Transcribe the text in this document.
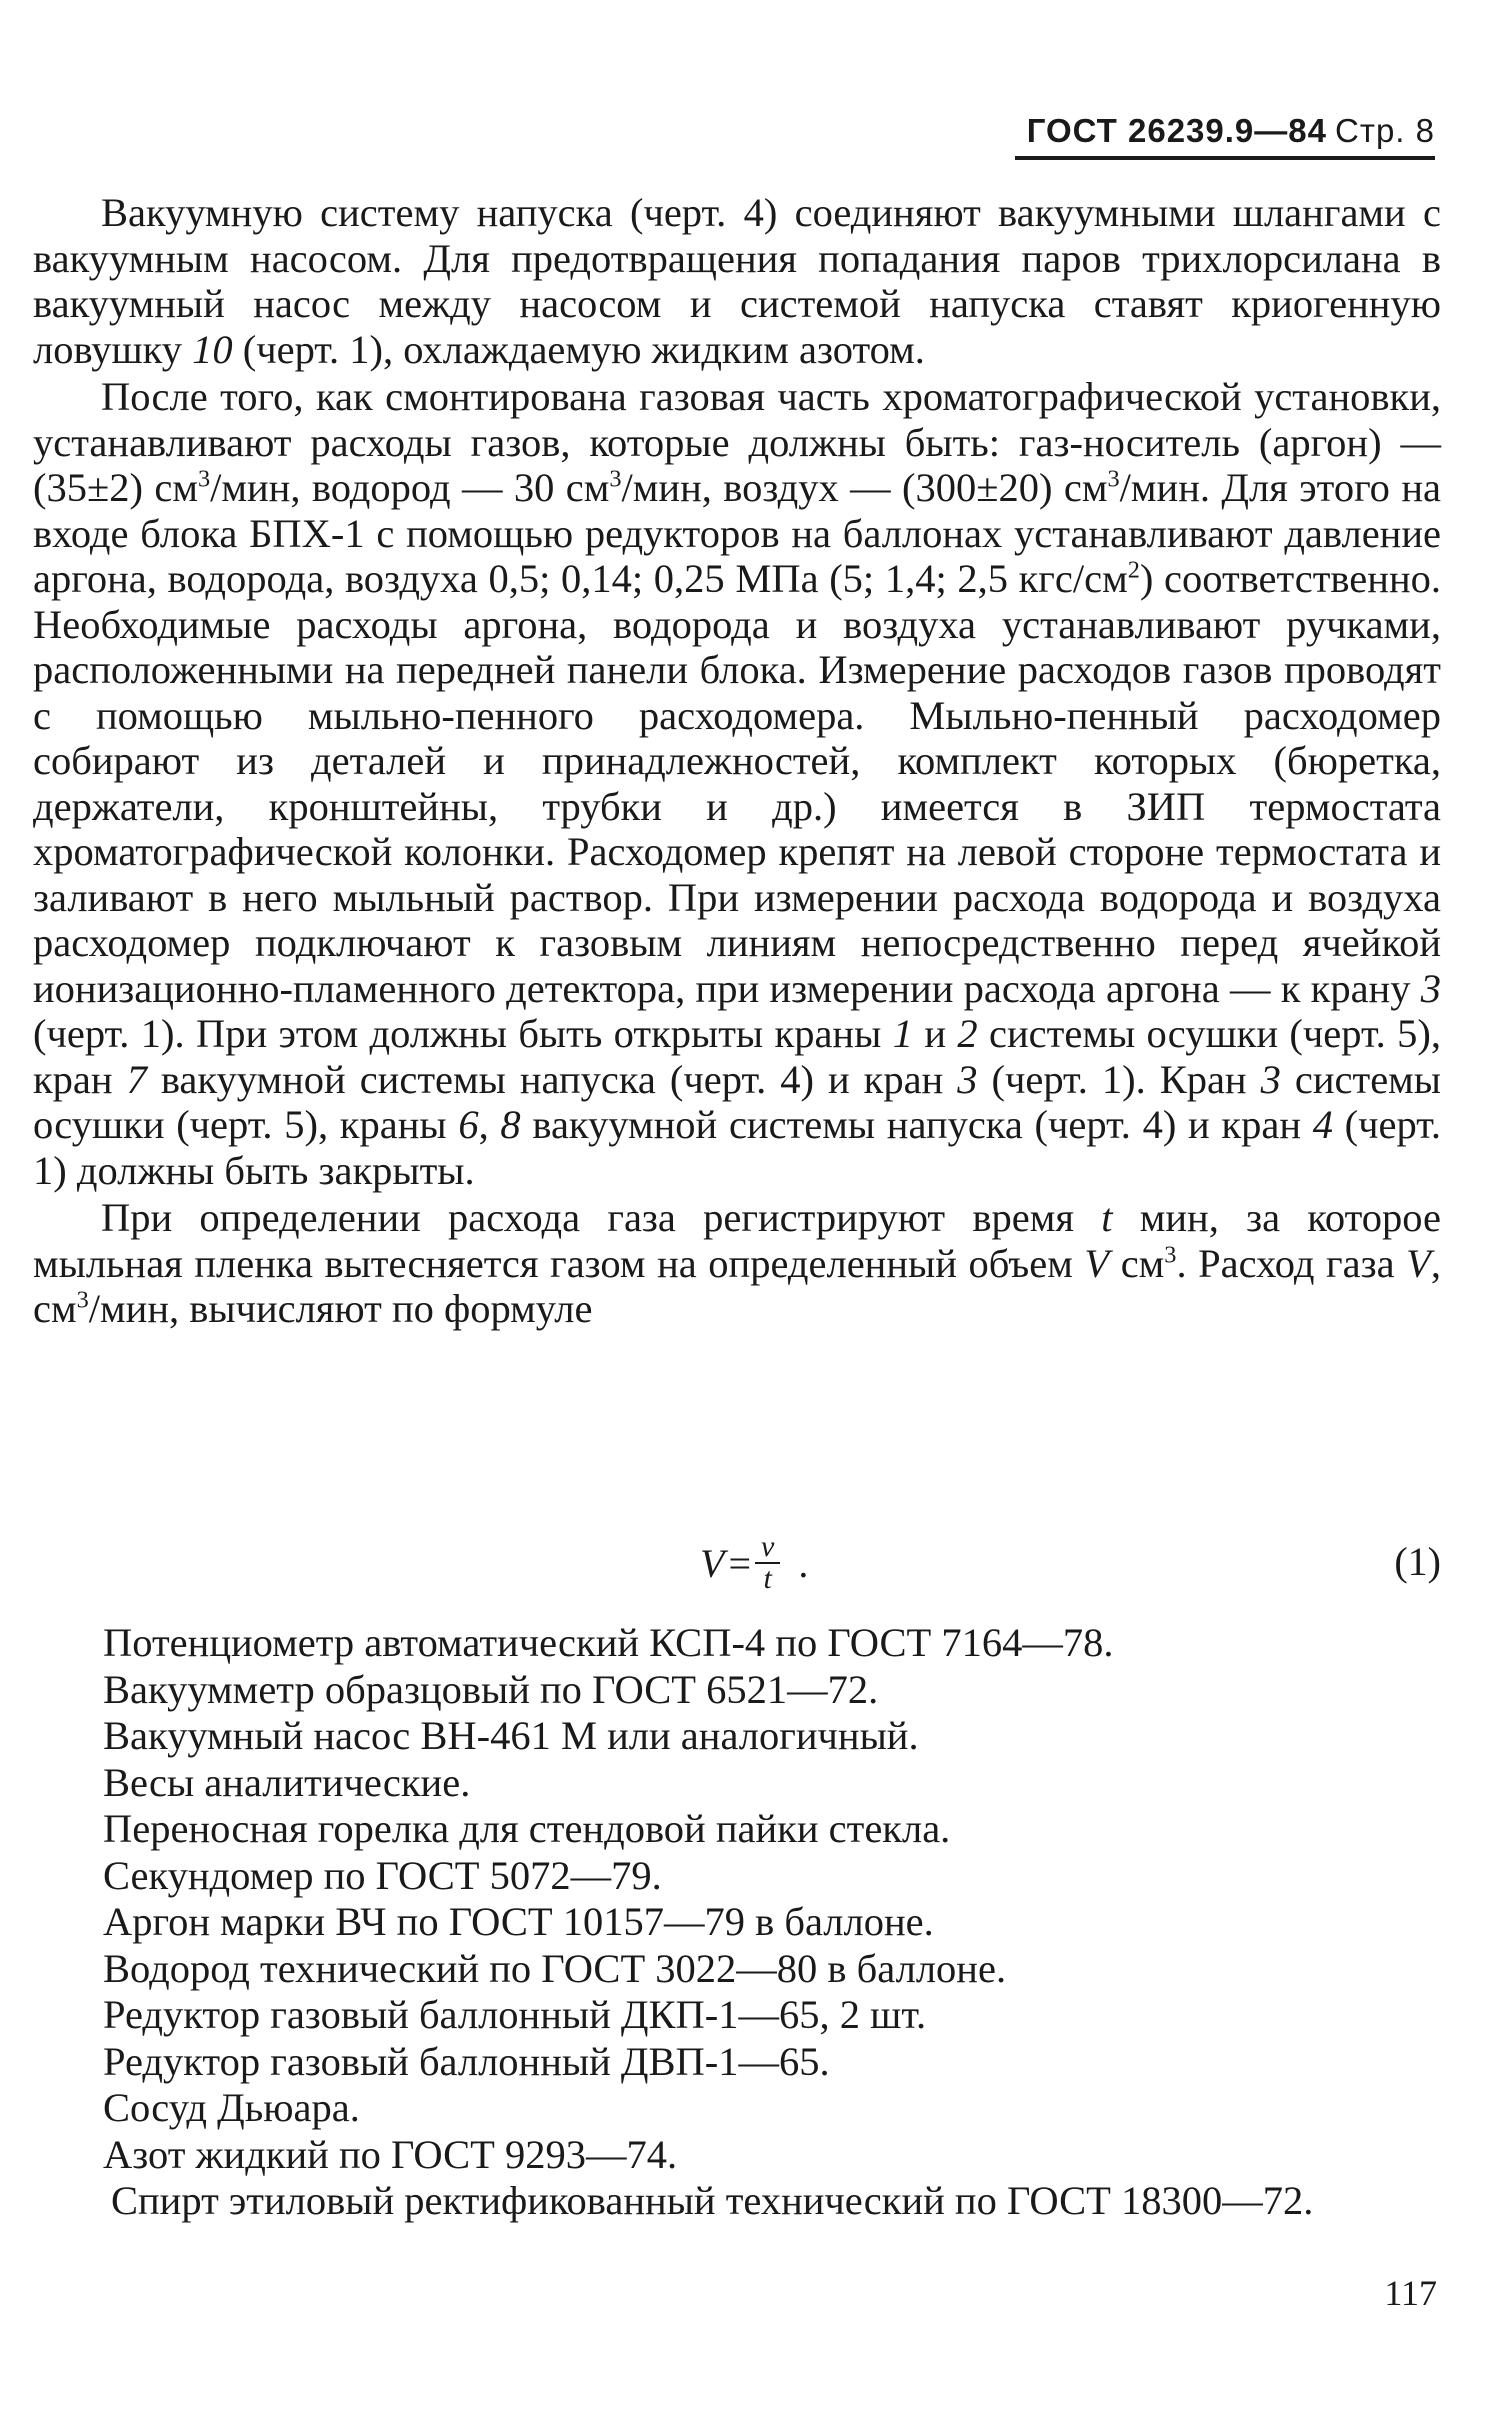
ГОСТ 26239.9—84 Стр. 8

Вакуумную систему напуска (черт. 4) соединяют вакуумными шлангами с вакуумным насосом. Для предотвращения попадания паров трихлорсилана в вакуумный насос между насосом и системой напуска ставят криогенную ловушку 10 (черт. 1), охлаждаемую жидким азотом.

После того, как смонтирована газовая часть хроматографической установки, устанавливают расходы газов, которые должны быть: газ-носитель (аргон) — (35±2) $см^3$/мин, водород — 30 $см^3$/мин, воздух — (300±20) $см^3$/мин. Для этого на входе блока БПХ-1 с помощью редукторов на баллонах устанавливают давление аргона, водорода, воздуха 0,5; 0,14; 0,25 МПа (5; 1,4; 2,5 кгс/$см^2$) соответственно. Необходимые расходы аргона, водорода и воздуха устанавливают ручками, расположенными на передней панели блока. Измерение расходов газов проводят с помощью мыльно-пенного расходомера. Мыльно-пенный расходомер собирают из деталей и принадлежностей, комплект которых (бюретка, держатели, кронштейны, трубки и др.) имеется в ЗИП термостата хроматографической колонки. Расходомер крепят на левой стороне термостата и заливают в него мыльный раствор. При измерении расхода водорода и воздуха расходомер подключают к газовым линиям непосредственно перед ячейкой ионизационно-пламенного детектора, при измерении расхода аргона — к крану 3 (черт. 1). При этом должны быть открыты краны 1 и 2 системы осушки (черт. 5), кран 7 вакуумной системы напуска (черт. 4) и кран 3 (черт. 1). Кран 3 системы осушки (черт. 5), краны 6, 8 вакуумной системы напуска (черт. 4) и кран 4 (черт. 1) должны быть закрыты.

При определении расхода газа регистрируют время t мин, за которое мыльная пленка вытесняется газом на определенный объем V $см^3$. Расход газа V, $см^3$/мин, вычисляют по формуле

$V = \frac{v}{t}$ .	(1)
Потенциометр автоматический КСП-4 по ГОСТ 7164—78.
Вакуумметр образцовый по ГОСТ 6521—72.
Вакуумный насос ВН-461 М или аналогичный.
Весы аналитические.
Переносная горелка для стендовой пайки стекла.
Секундомер по ГОСТ 5072—79.
Аргон марки ВЧ по ГОСТ 10157—79 в баллоне.
Водород технический по ГОСТ 3022—80 в баллоне.
Редуктор газовый баллонный ДКП-1—65, 2 шт.
Редуктор газовый баллонный ДВП-1—65.
Сосуд Дьюара.
Азот жидкий по ГОСТ 9293—74.
Спирт этиловый ректификованный технический по ГОСТ 18300—72.
117
